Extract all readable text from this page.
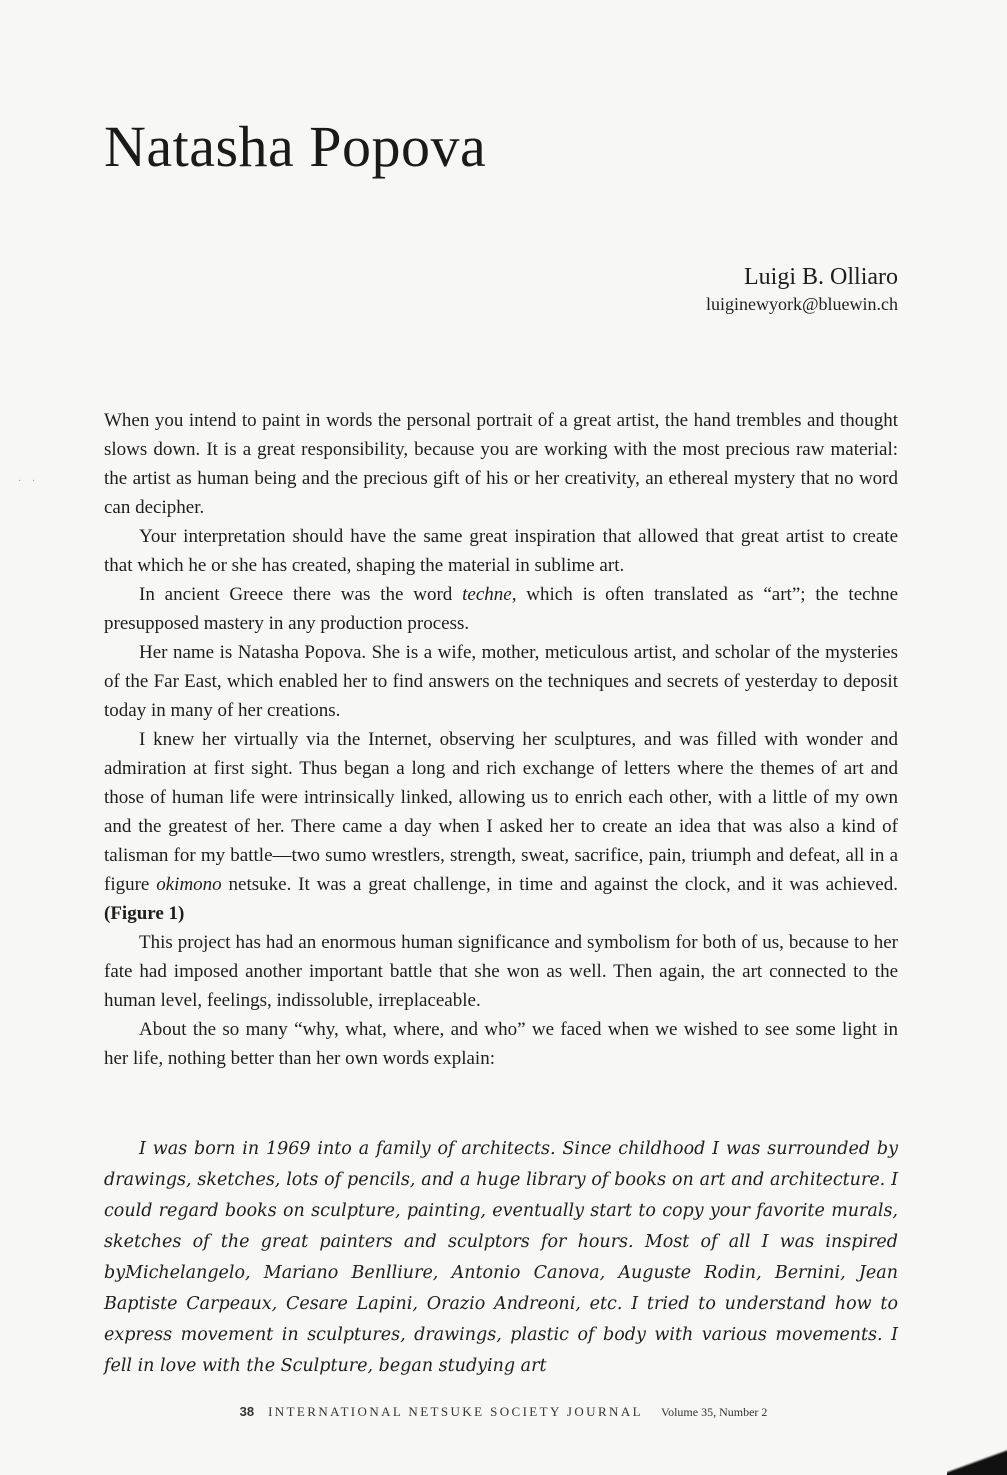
Natasha Popova
Luigi B. Olliaro
luiginewyork@bluewin.ch
· ·

When you intend to paint in words the personal portrait of a great artist, the hand trembles and thought slows down. It is a great responsibility, because you are working with the most precious raw material: the artist as human being and the precious gift of his or her creativity, an ethereal mystery that no word can decipher.

Your interpretation should have the same great inspiration that allowed that great artist to create that which he or she has created, shaping the material in sublime art.

In ancient Greece there was the word techne, which is often translated as “art”; the techne presupposed mastery in any production process.

Her name is Natasha Popova. She is a wife, mother, meticulous artist, and scholar of the mysteries of the Far East, which enabled her to find answers on the techniques and secrets of yesterday to deposit today in many of her creations.

I knew her virtually via the Internet, observing her sculptures, and was filled with wonder and admiration at first sight. Thus began a long and rich exchange of letters where the themes of art and those of human life were intrinsically linked, allowing us to enrich each other, with a little of my own and the greatest of her. There came a day when I asked her to create an idea that was also a kind of talisman for my battle—two sumo wrestlers, strength, sweat, sacrifice, pain, triumph and defeat, all in a figure okimono netsuke. It was a great challenge, in time and against the clock, and it was achieved. (Figure 1)

This project has had an enormous human significance and symbolism for both of us, because to her fate had imposed another important battle that she won as well. Then again, the art connected to the human level, feelings, indissoluble, irreplaceable.

About the so many “why, what, where, and who” we faced when we wished to see some light in her life, nothing better than her own words explain:

I was born in 1969 into a family of architects. Since childhood I was surrounded by drawings, sketches, lots of pencils, and a huge library of books on art and architecture. I could regard books on sculpture, painting, eventually start to copy your favorite murals, sketches of the great painters and sculptors for hours. Most of all I was inspired byMichelangelo, Mariano Benlliure, Antonio Canova, Auguste Rodin, Bernini, Jean Baptiste Carpeaux, Cesare Lapini, Orazio Andreoni, etc. I tried to understand how to express movement in sculptures, drawings, plastic of body with various movements. I fell in love with the Sculpture, began studying art

38 INTERNATIONAL NETSUKE SOCIETY JOURNAL Volume 35, Number 2
